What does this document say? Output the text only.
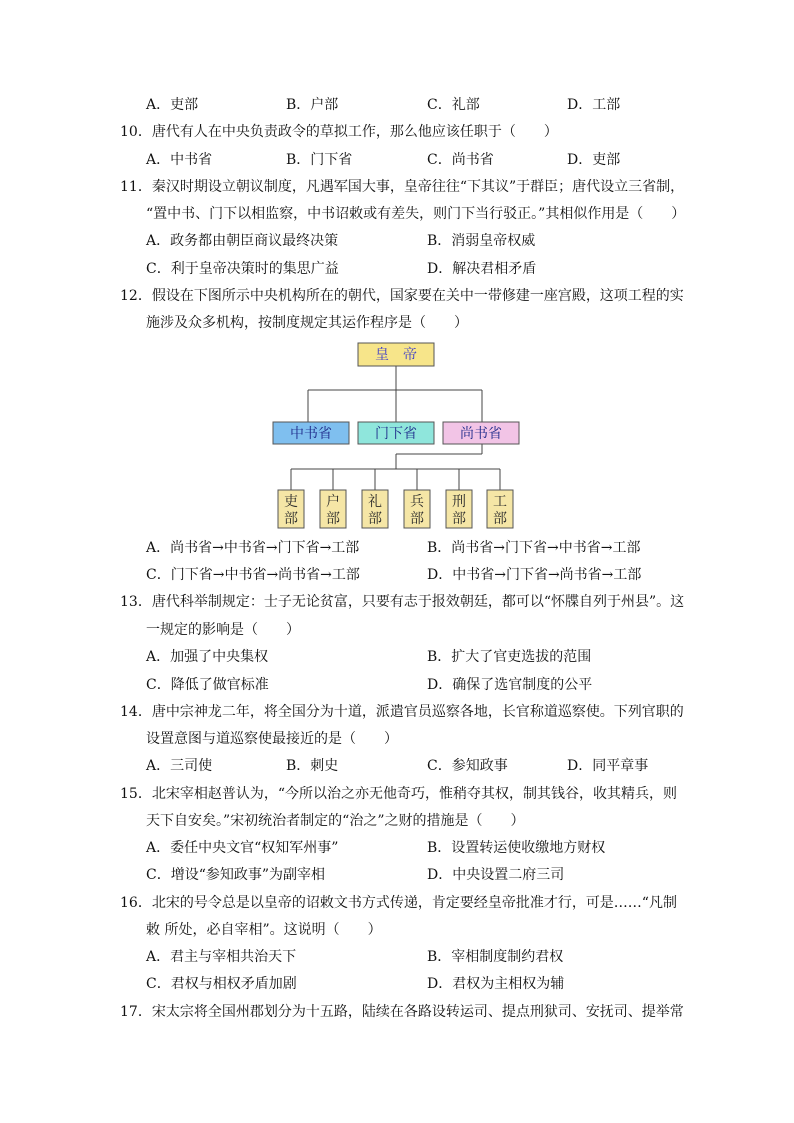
A．吏部	B．户部	C．礼部	D．工部
10．唐代有人在中央负责政令的草拟工作，那么他应该任职于（　　）
A．中书省	B．门下省	C．尚书省	D．吏部
11．秦汉时期设立朝议制度，凡遇军国大事，皇帝往往“下其议”于群臣；唐代设立三省制，
“置中书、门下以相监察，中书诏敕或有差失，则门下当行驳正。”其相似作用是（　　）
A．政务都由朝臣商议最终决策	B．消弱皇帝权威
C．利于皇帝决策时的集思广益	D．解决君相矛盾
12．假设在下图所示中央机构所在的朝代，国家要在关中一带修建一座宫殿，这项工程的实
施涉及众多机构，按制度规定其运作程序是（　　）
皇　帝
中书省	门下省	尚书省
吏
部
户
部
礼
部
兵
部
刑
部
工
部
A．尚书省→中书省→门下省→工部	B．尚书省→门下省→中书省→工部
C．门下省→中书省→尚书省→工部	D．中书省→门下省→尚书省→工部
13．唐代科举制规定：士子无论贫富，只要有志于报效朝廷，都可以“怀牒自列于州县”。这
一规定的影响是（　　）
A．加强了中央集权	B．扩大了官吏选拔的范围
C．降低了做官标准	D．确保了选官制度的公平
14．唐中宗神龙二年，将全国分为十道，派遣官员巡察各地，长官称道巡察使。下列官职的
设置意图与道巡察使最接近的是（　　）
A．三司使	B．刺史	C．参知政事	D．同平章事
15．北宋宰相赵普认为，“今所以治之亦无他奇巧，惟稍夺其权，制其钱谷，收其精兵，则
天下自安矣。”宋初统治者制定的“治之”之财的措施是（　　）
A．委任中央文官“权知军州事”	B．设置转运使收缴地方财权
C．增设“参知政事”为副宰相	D．中央设置二府三司
16．北宋的号令总是以皇帝的诏敕文书方式传递，肯定要经皇帝批准才行，可是……“凡制
敕 所处，必自宰相”。这说明（　　）
A．君主与宰相共治天下	B．宰相制度制约君权
C．君权与相权矛盾加剧	D．君权为主相权为辅
17．宋太宗将全国州郡划分为十五路，陆续在各路设转运司、提点刑狱司、安抚司、提举常
